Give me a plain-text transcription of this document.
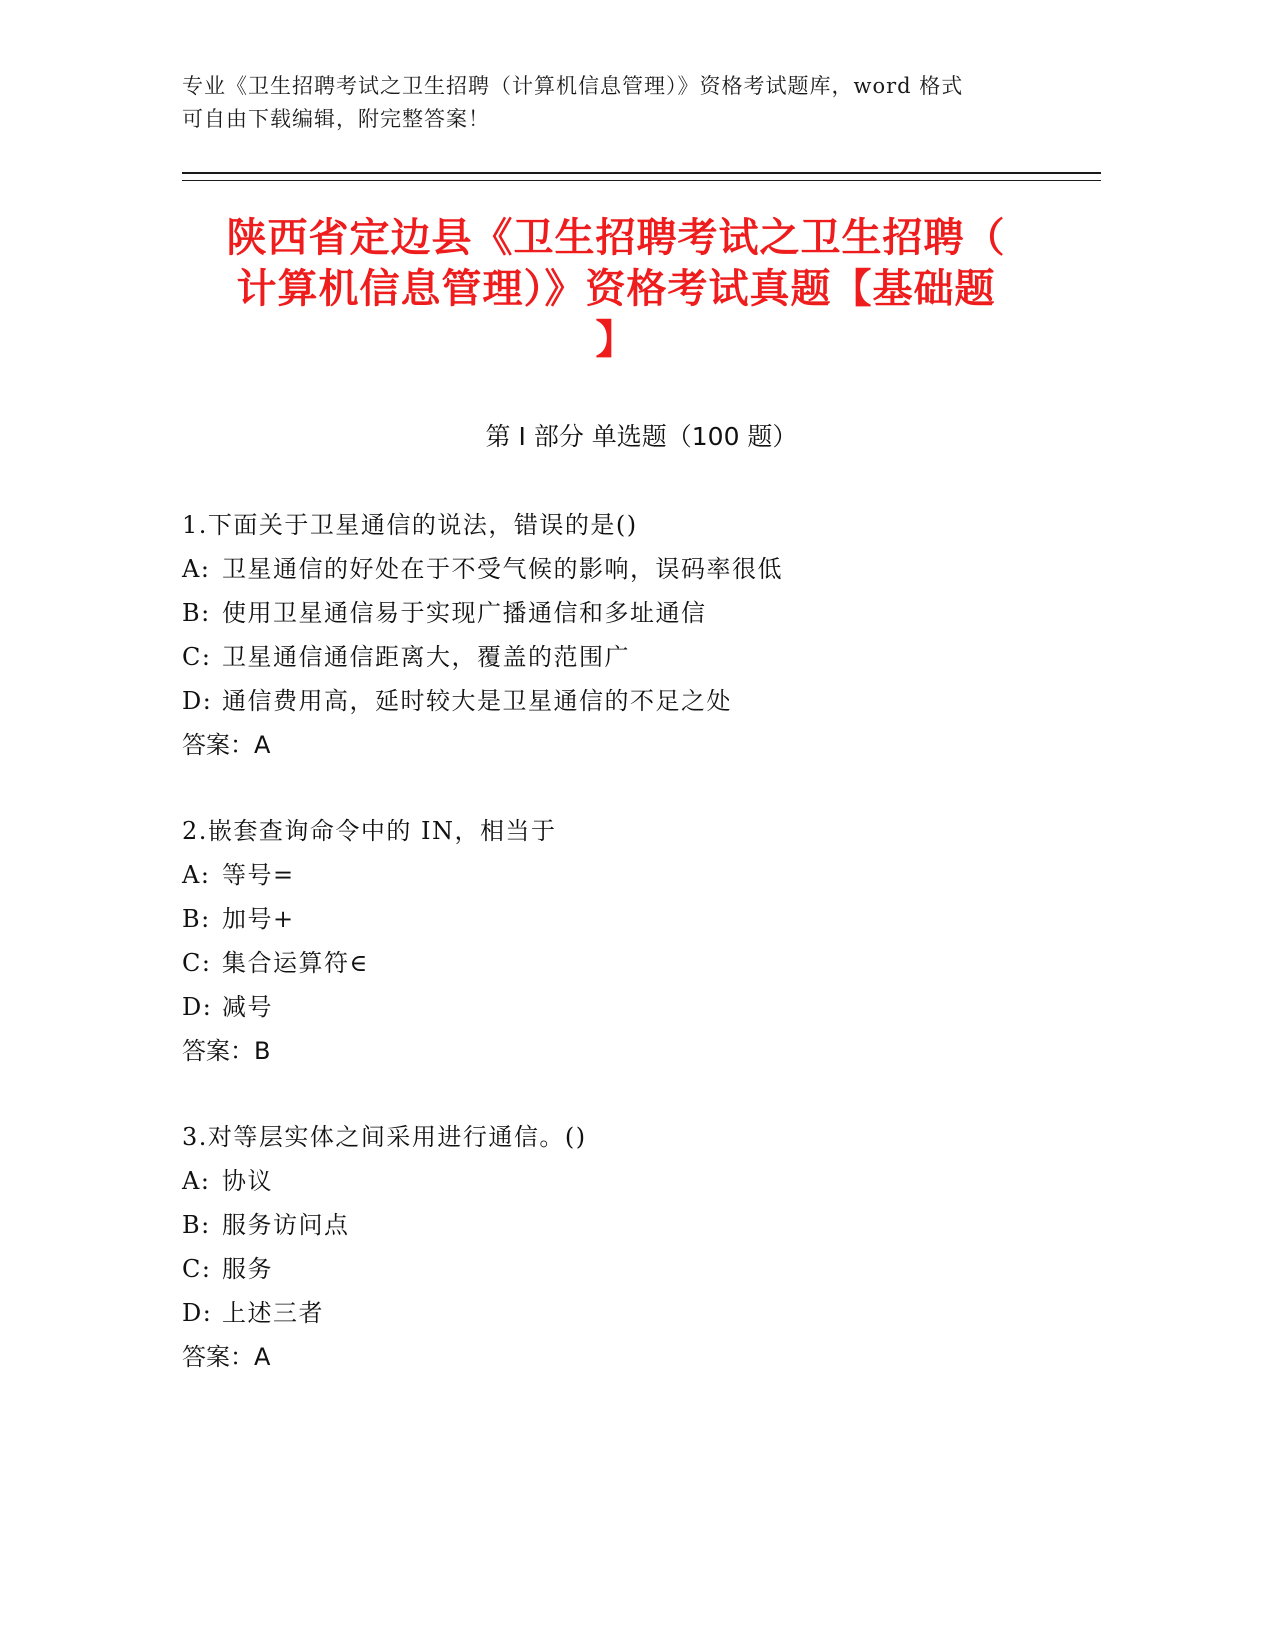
专业《卫生招聘考试之卫生招聘（计算机信息管理）》资格考试题库，word 格式
可自由下载编辑，附完整答案！
陕西省定边县《卫生招聘考试之卫生招聘（
计算机信息管理）》资格考试真题【基础题
】
第 I 部分 单选题（100 题）
1.下面关于卫星通信的说法，错误的是()
A: 卫星通信的好处在于不受气候的影响，误码率很低
B: 使用卫星通信易于实现广播通信和多址通信
C: 卫星通信通信距离大，覆盖的范围广
D: 通信费用高，延时较大是卫星通信的不足之处
答案：A
2.嵌套查询命令中的 IN，相当于
A: 等号=
B: 加号+
C: 集合运算符∈
D: 减号
答案：B
3.对等层实体之间采用进行通信。()
A: 协议
B: 服务访问点
C: 服务
D: 上述三者
答案：A
